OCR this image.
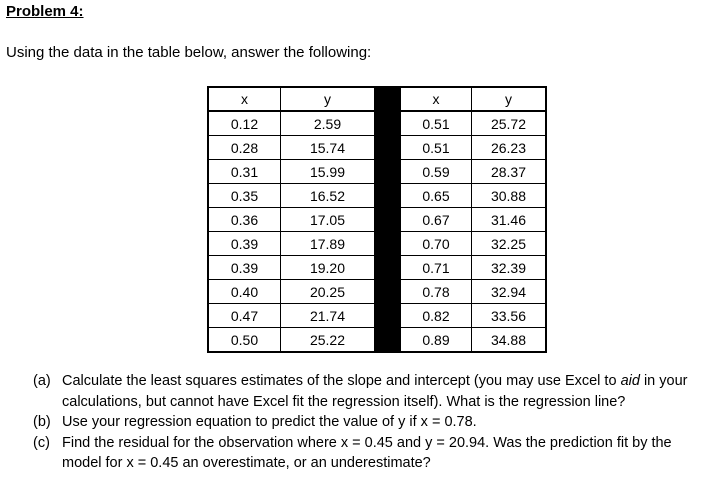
Problem 4:
Using the data in the table below, answer the following:
x	y		x	y
0.12	2.59		0.51	25.72
0.28	15.74		0.51	26.23
0.31	15.99		0.59	28.37
0.35	16.52		0.65	30.88
0.36	17.05		0.67	31.46
0.39	17.89		0.70	32.25
0.39	19.20		0.71	32.39
0.40	20.25		0.78	32.94
0.47	21.74		0.82	33.56
0.50	25.22		0.89	34.88
(a) Calculate the least squares estimates of the slope and intercept (you may use Excel to aid in your calculations, but cannot have Excel fit the regression itself). What is the regression line?
(b) Use your regression equation to predict the value of y if x = 0.78.
(c) Find the residual for the observation where x = 0.45 and y = 20.94. Was the prediction fit by the model for x = 0.45 an overestimate, or an underestimate?
